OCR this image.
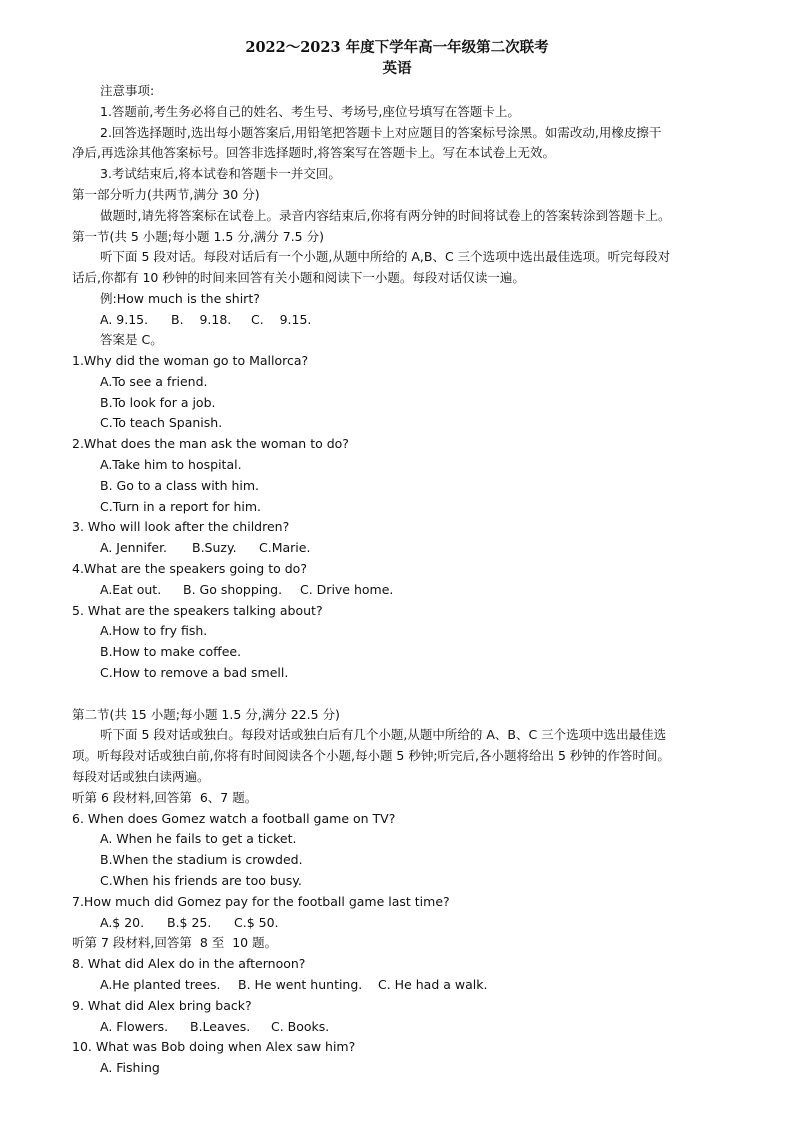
2022～2023 年度下学年高一年级第二次联考
英语
注意事项:
1.答题前,考生务必将自己的姓名、考生号、考场号,座位号填写在答题卡上。
2.回答选择题时,选出每小题答案后,用铅笔把答题卡上对应题目的答案标号涂黑。如需改动,用橡皮擦干
净后,再选涂其他答案标号。回答非选择题时,将答案写在答题卡上。写在本试卷上无效。
3.考试结束后,将本试卷和答题卡一并交回。
第一部分听力(共两节,满分 30 分)
做题时,请先将答案标在试卷上。录音内容结束后,你将有两分钟的时间将试卷上的答案转涂到答题卡上。
第一节(共 5 小题;每小题 1.5 分,满分 7.5 分)
听下面 5 段对话。每段对话后有一个小题,从题中所给的 A,B、C 三个选项中选出最佳选项。听完每段对
话后,你都有 10 秒钟的时间来回答有关小题和阅读下一小题。每段对话仅读一遍。
例:How much is the shirt?
A. 9.15. B.    9.18. C.    9.15.
答案是 C。
1.Why did the woman go to Mallorca?
A.To see a friend.
B.To look for a job.
C.To teach Spanish.
2.What does the man ask the woman to do?
A.Take him to hospital.
B. Go to a class with him.
C.Turn in a report for him.
3. Who will look after the children?
A. Jennifer. B.Suzy. C.Marie.
4.What are the speakers going to do?
A.Eat out. B. Go shopping. C. Drive home.
5. What are the speakers talking about?
A.How to fry fish.
B.How to make coffee.
C.How to remove a bad smell.
第二节(共 15 小题;每小题 1.5 分,满分 22.5 分)
听下面 5 段对话或独白。每段对话或独白后有几个小题,从题中所给的 A、B、C 三个选项中选出最佳选
项。听每段对话或独白前,你将有时间阅读各个小题,每小题 5 秒钟;听完后,各小题将给出 5 秒钟的作答时间。
每段对话或独白读两遍。
听第 6 段材料,回答第  6、7 题。
6. When does Gomez watch a football game on TV?
A. When he fails to get a ticket.
B.When the stadium is crowded.
C.When his friends are too busy.
7.How much did Gomez pay for the football game last time?
A.$ 20. B.$ 25. C.$ 50.
听第 7 段材料,回答第  8 至  10 题。
8. What did Alex do in the afternoon?
A.He planted trees. B. He went hunting. C. He had a walk.
9. What did Alex bring back?
A. Flowers. B.Leaves. C. Books.
10. What was Bob doing when Alex saw him?
A. Fishing
